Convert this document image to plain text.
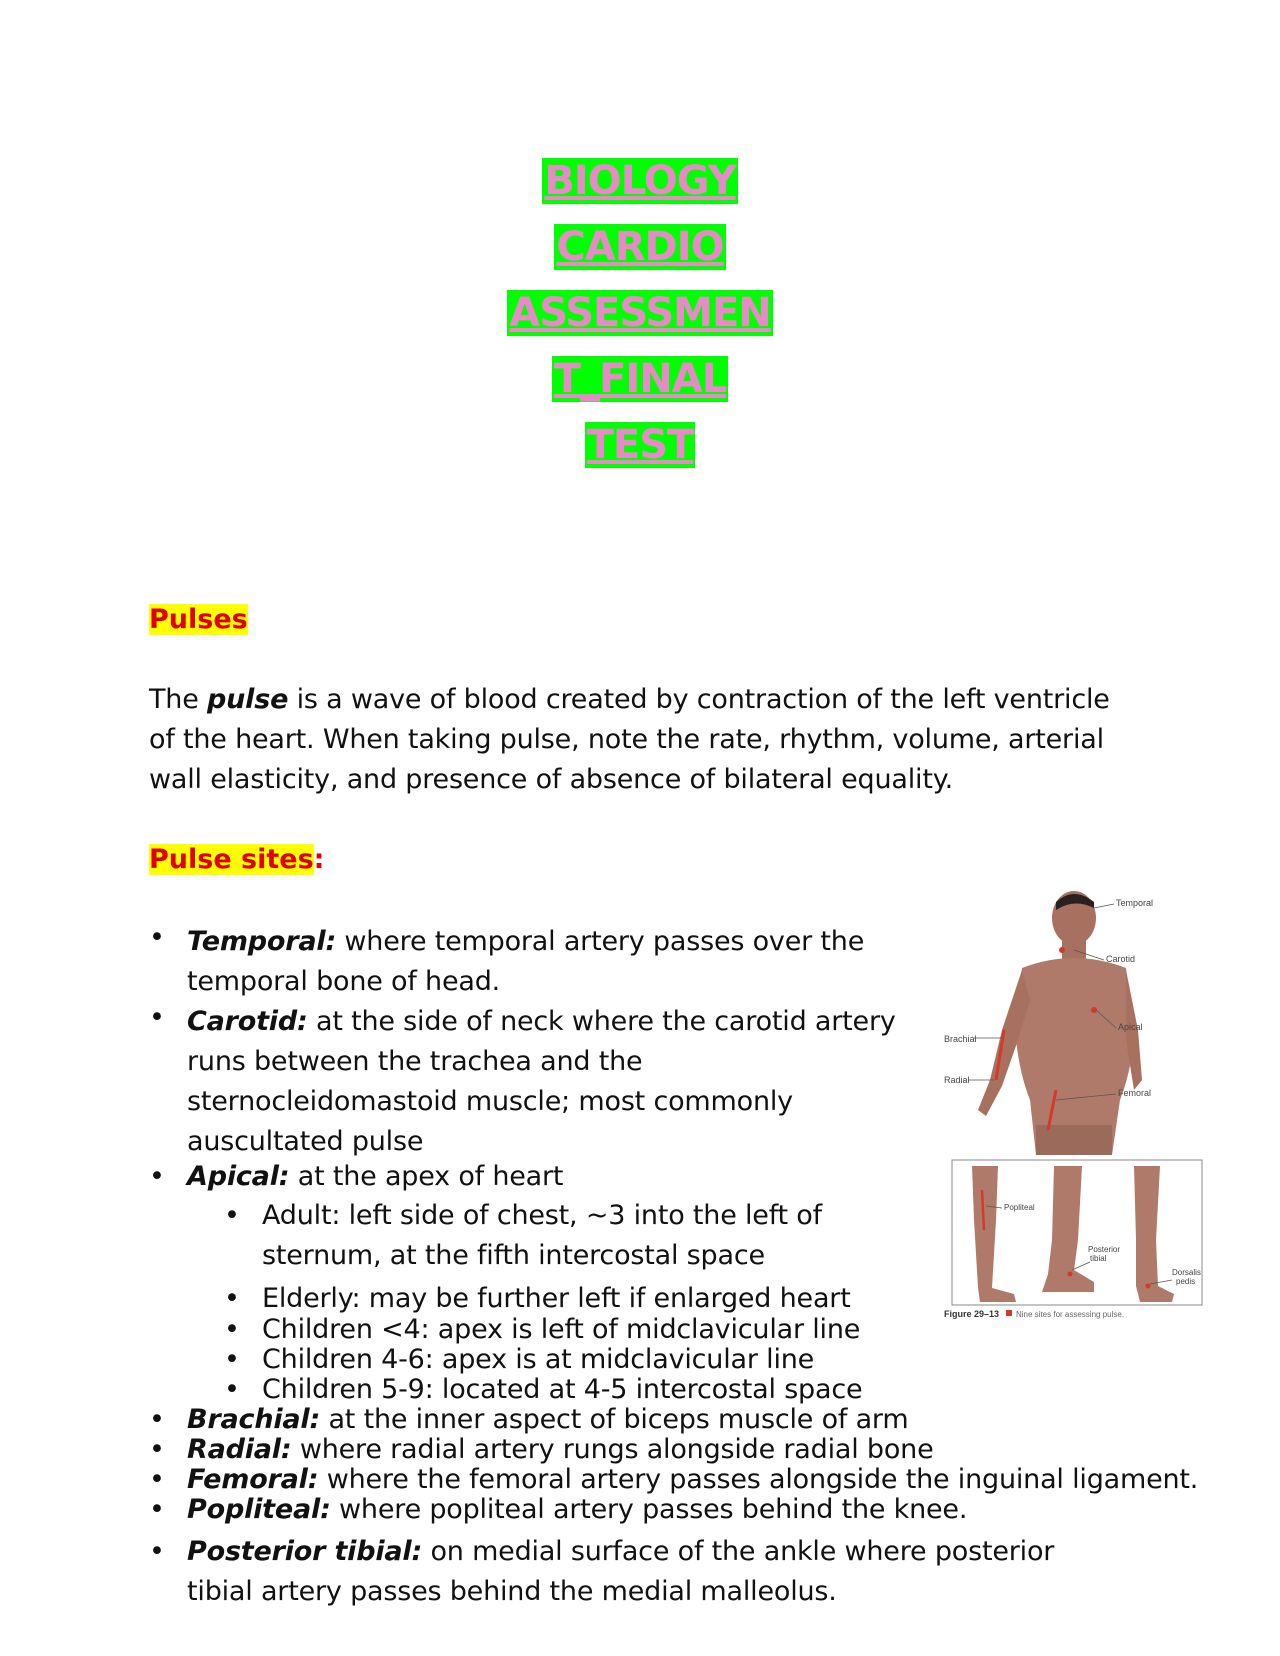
BIOLOGY
CARDIO
ASSESSMEN
T_FINAL
TEST
Pulses
The pulse is a wave of blood created by contraction of the left ventricle
of the heart. When taking pulse, note the rate, rhythm, volume, arterial
wall elasticity, and presence of absence of bilateral equality.
Pulse sites:
• Temporal: where temporal artery passes over the
temporal bone of head.
• Carotid: at the side of neck where the carotid artery
runs between the trachea and the
sternocleidomastoid muscle; most commonly
auscultated pulse
• Apical: at the apex of heart
• Adult: left side of chest, ~3 into the left of
sternum, at the fifth intercostal space
• Elderly: may be further left if enlarged heart
• Children <4: apex is left of midclavicular line
• Children 4-6: apex is at midclavicular line
• Children 5-9: located at 4-5 intercostal space
• Brachial: at the inner aspect of biceps muscle of arm
• Radial: where radial artery rungs alongside radial bone
• Femoral: where the femoral artery passes alongside the inguinal ligament.
• Popliteal: where popliteal artery passes behind the knee.
• Posterior tibial: on medial surface of the ankle where posterior
tibial artery passes behind the medial malleolus.
Temporal
Carotid
Apical
Brachial
Radial
Femoral
Popliteal
Posterior
tibial
Dorsalis
pedis
Figure 29–13 Nine sites for assessing pulse.
